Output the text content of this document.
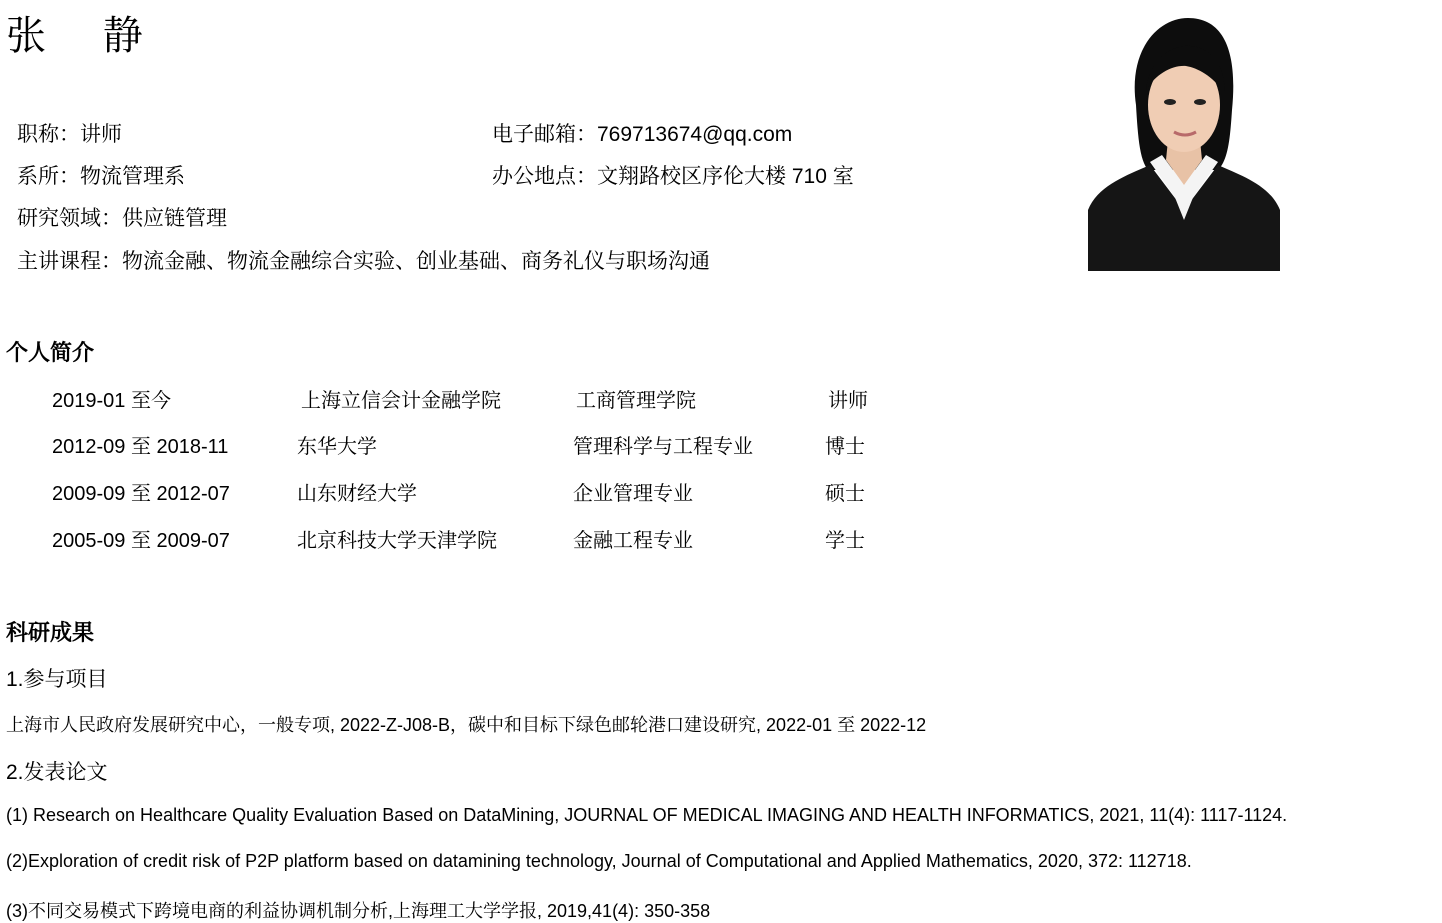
张 静
职称：讲师
系所：物流管理系
研究领域：供应链管理
主讲课程：物流金融、物流金融综合实验、创业基础、商务礼仪与职场沟通
电子邮箱：769713674@qq.com
办公地点：文翔路校区序伦大楼 710 室
个人简介
2019-01 至今	上海立信会计金融学院	工商管理学院	讲师
2012-09 至 2018-11	东华大学	管理科学与工程专业	博士
2009-09 至 2012-07	山东财经大学	企业管理专业	硕士
2005-09 至 2009-07	北京科技大学天津学院	金融工程专业	学士
科研成果
1.参与项目
上海市人民政府发展研究中心，一般专项, 2022-Z-J08-B，碳中和目标下绿色邮轮港口建设研究, 2022-01 至 2022-12
2.发表论文
(1) Research on Healthcare Quality Evaluation Based on DataMining, JOURNAL OF MEDICAL IMAGING AND HEALTH INFORMATICS, 2021, 11(4): 1117-1124.
(2)Exploration of credit risk of P2P platform based on datamining technology, Journal of Computational and Applied Mathematics, 2020, 372: 112718.
(3)不同交易模式下跨境电商的利益协调机制分析,上海理工大学学报, 2019,41(4): 350-358
